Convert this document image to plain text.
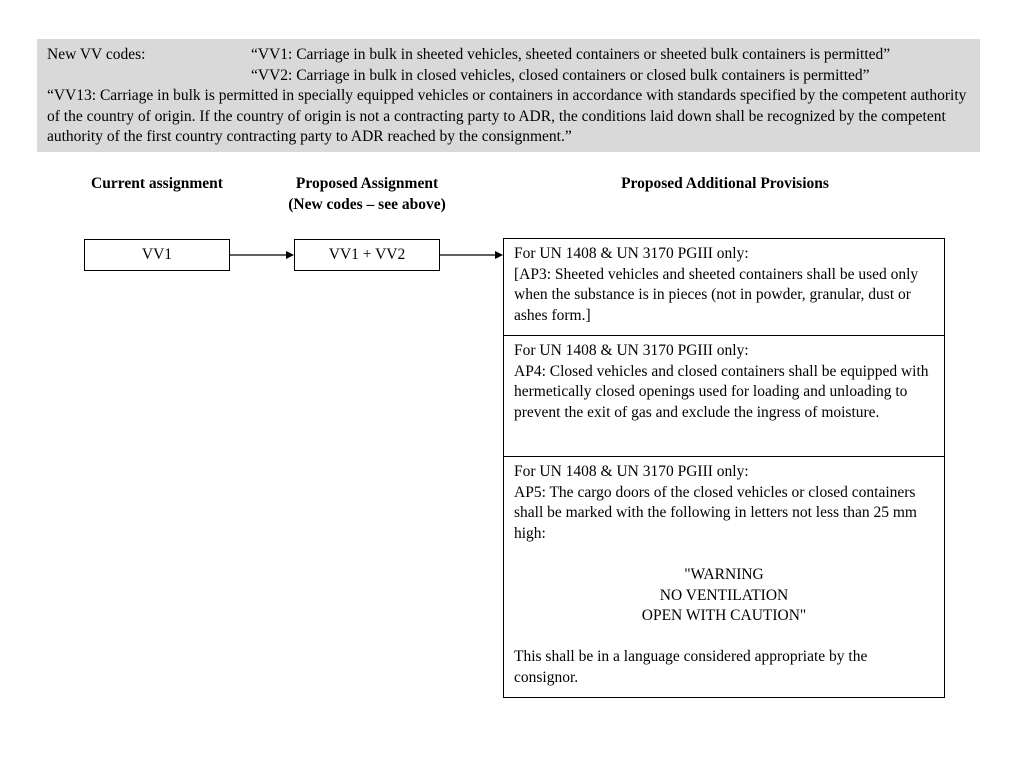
New VV codes:	“VV1: Carriage in bulk in sheeted vehicles, sheeted containers or sheeted bulk containers is permitted”
“VV2: Carriage in bulk in closed vehicles, closed containers or closed bulk containers is permitted”
“VV13: Carriage in bulk is permitted in specially equipped vehicles or containers in accordance with standards specified by the competent authority of the country of origin. If the country of origin is not a contracting party to ADR, the conditions laid down shall be recognized by the competent authority of the first country contracting party to ADR reached by the consignment.”
Current assignment	Proposed Assignment
(New codes – see above)
Proposed Additional Provisions
VV1	VV1 + VV2	For UN 1408 & UN 3170 PGIII only:
[AP3: Sheeted vehicles and sheeted containers shall be used only when the substance is in pieces (not in powder, granular, dust or ashes form.]
For UN 1408 & UN 3170 PGIII only:
AP4: Closed vehicles and closed containers shall be equipped with hermetically closed openings used for loading and unloading to prevent the exit of gas and exclude the ingress of moisture.
For UN 1408 & UN 3170 PGIII only:
AP5: The cargo doors of the closed vehicles or closed containers shall be marked with the following in letters not less than 25 mm high:
"WARNING
NO VENTILATION
OPEN WITH CAUTION"
This shall be in a language considered appropriate by the consignor.
